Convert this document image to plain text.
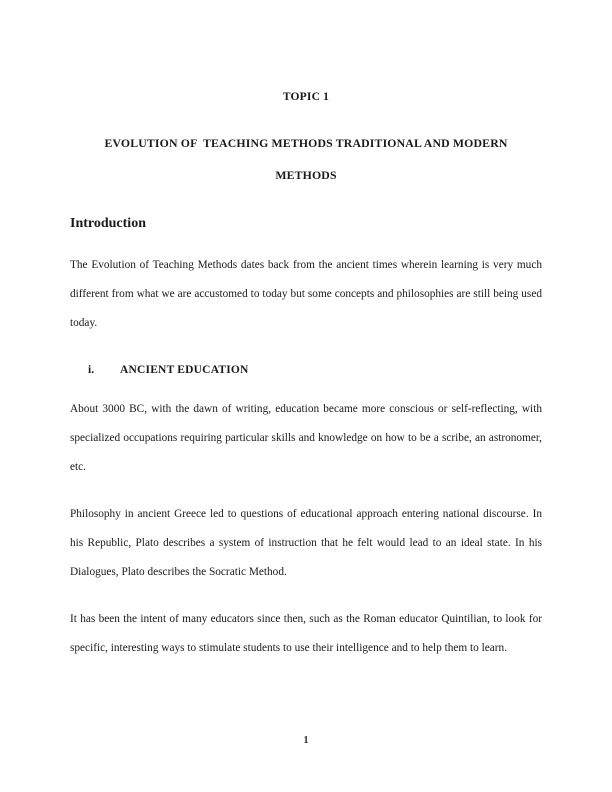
TOPIC 1
EVOLUTION OF  TEACHING METHODS TRADITIONAL AND MODERN
METHODS
Introduction

The Evolution of Teaching Methods dates back from the ancient times wherein learning is very much different from what we are accustomed to today but some concepts and philosophies are still being used today.

i.	ANCIENT EDUCATION

About 3000 BC, with the dawn of writing, education became more conscious or self-reflecting, with specialized occupations requiring particular skills and knowledge on how to be a scribe, an astronomer, etc.

Philosophy in ancient Greece led to questions of educational approach entering national discourse. In his Republic, Plato describes a system of instruction that he felt would lead to an ideal state. In his Dialogues, Plato describes the Socratic Method.

It has been the intent of many educators since then, such as the Roman educator Quintilian, to look for specific, interesting ways to stimulate students to use their intelligence and to help them to learn.

1
